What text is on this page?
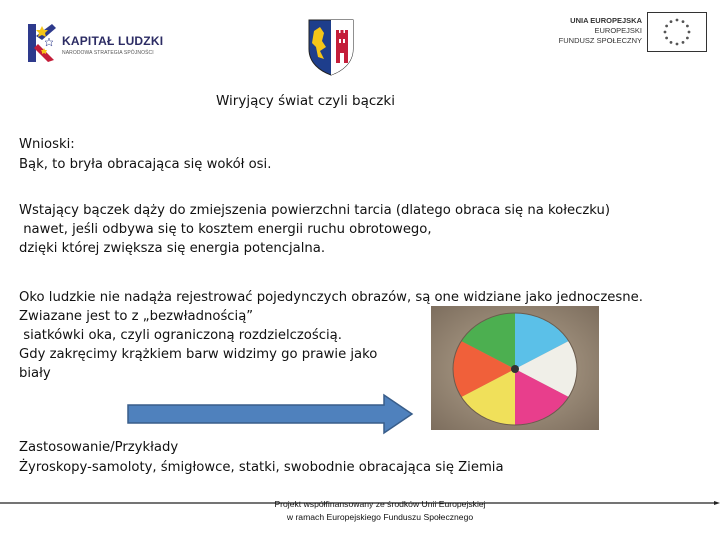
KAPITAŁ LUDZKI
NARODOWA STRATEGIA SPÓJNOŚCI
UNIA EUROPEJSKA
EUROPEJSKI
FUNDUSZ SPOŁECZNY
Wiryjący świat czyli bączki
Wnioski:
Bąk, to bryła obracająca się wokół osi.
Wstający bączek dąży do zmiejszenia powierzchni tarcia (dlatego obraca się na kołeczku)
nawet, jeśli odbywa się to kosztem energii ruchu obrotowego,
dzięki której zwiększa się energia potencjalna.
Oko ludzkie nie nadąża rejestrować pojedynczych obrazów, są one widziane jako jednoczesne.
Zwiazane jest to z „bezwładnością”
siatkówki oka, czyli ograniczoną rozdzielczością.
Gdy zakręcimy krążkiem barw widzimy go prawie jako
biały
Zastosowanie/Przykłady
Żyroskopy-samoloty, śmigłowce, statki, swobodnie obracająca się Ziemia
Projekt współfinansowany ze środków Unii Europejskiej
w ramach Europejskiego Funduszu Społecznego
